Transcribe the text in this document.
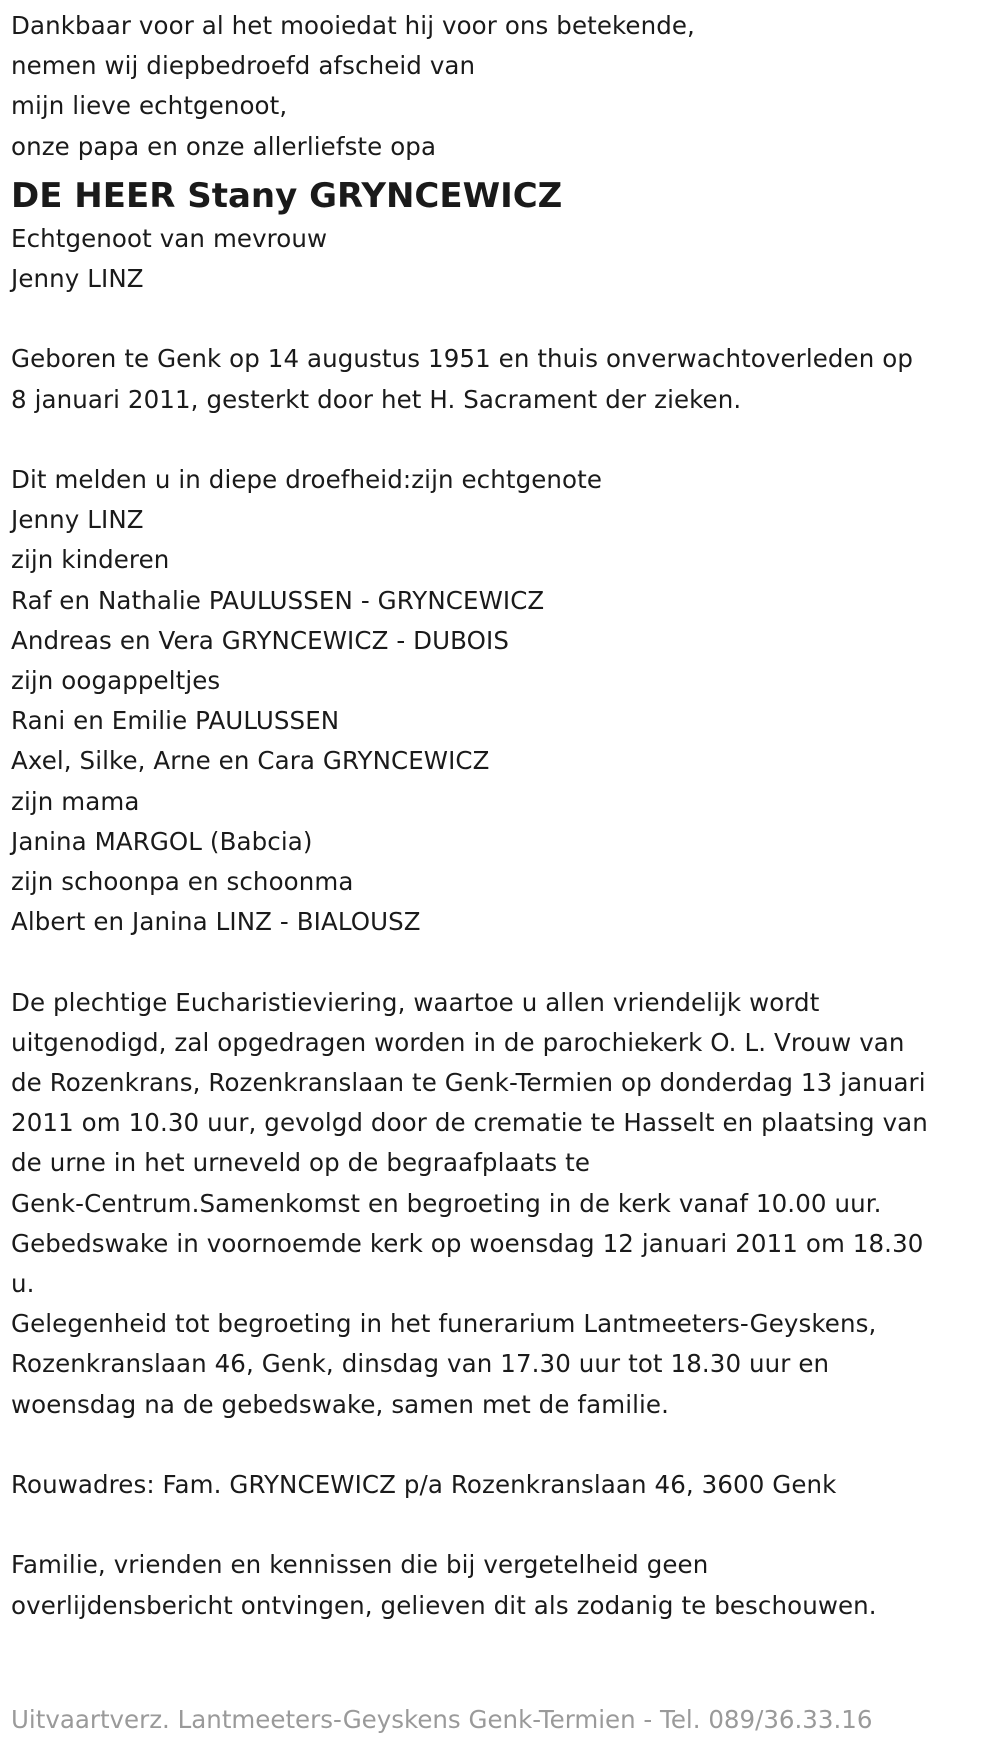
Dankbaar voor al het mooiedat hij voor ons betekende,
nemen wij diepbedroefd afscheid van
mijn lieve echtgenoot,
onze papa en onze allerliefste opa
DE HEER Stany GRYNCEWICZ
Echtgenoot van mevrouw
Jenny LINZ
Geboren te Genk op 14 augustus 1951 en thuis onverwachtoverleden op
8 januari 2011, gesterkt door het H. Sacrament der zieken.
Dit melden u in diepe droefheid:zijn echtgenote
Jenny LINZ
zijn kinderen
Raf en Nathalie PAULUSSEN - GRYNCEWICZ
Andreas en Vera GRYNCEWICZ - DUBOIS
zijn oogappeltjes
Rani en Emilie PAULUSSEN
Axel, Silke, Arne en Cara GRYNCEWICZ
zijn mama
Janina MARGOL (Babcia)
zijn schoonpa en schoonma
Albert en Janina LINZ - BIALOUSZ
De plechtige Eucharistieviering, waartoe u allen vriendelijk wordt
uitgenodigd, zal opgedragen worden in de parochiekerk O. L. Vrouw van
de Rozenkrans, Rozenkranslaan te Genk-Termien op donderdag 13 januari
2011 om 10.30 uur, gevolgd door de crematie te Hasselt en plaatsing van
de urne in het urneveld op de begraafplaats te
Genk-Centrum.Samenkomst en begroeting in de kerk vanaf 10.00 uur.
Gebedswake in voornoemde kerk op woensdag 12 januari 2011 om 18.30
u.
Gelegenheid tot begroeting in het funerarium Lantmeeters-Geyskens,
Rozenkranslaan 46, Genk, dinsdag van 17.30 uur tot 18.30 uur en
woensdag na de gebedswake, samen met de familie.
Rouwadres: Fam. GRYNCEWICZ p/a Rozenkranslaan 46, 3600 Genk
Familie, vrienden en kennissen die bij vergetelheid geen
overlijdensbericht ontvingen, gelieven dit als zodanig te beschouwen.
Uitvaartverz. Lantmeeters-Geyskens Genk-Termien - Tel. 089/36.33.16
